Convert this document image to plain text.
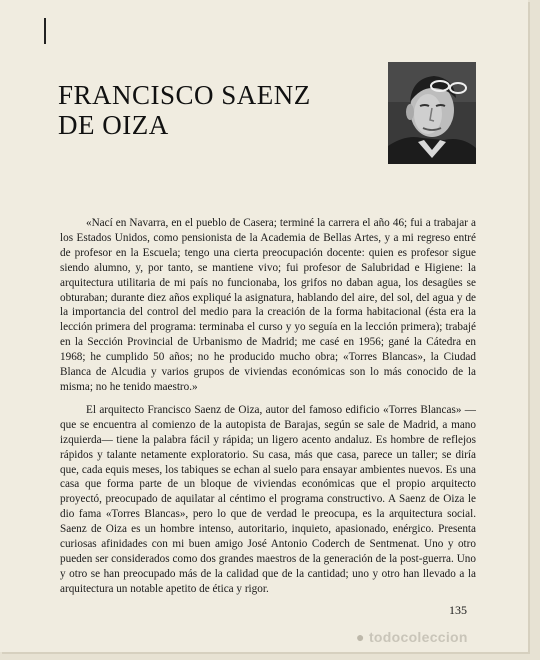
FRANCISCO SAENZ
DE OIZA

«Nací en Navarra, en el pueblo de Casera; terminé la carrera el año 46; fui a trabajar a los Estados Unidos, como pensionista de la Academia de Bellas Artes, y a mi regreso entré de profesor en la Escuela; tengo una cierta preocupación docente: quien es profesor sigue siendo alumno, y, por tanto, se mantiene vivo; fui profesor de Salubridad e Higiene: la arquitectura utilitaria de mi país no funcionaba, los grifos no daban agua, los desagües se obturaban; durante diez años expliqué la asignatura, hablando del aire, del sol, del agua y de la importancia del control del medio para la creación de la forma habitacional (ésta era la lección primera del programa: terminaba el curso y yo seguía en la lección primera); trabajé en la Sección Provincial de Urbanismo de Madrid; me casé en 1956; gané la Cátedra en 1968; he cumplido 50 años; no he producido mucho obra; «Torres Blancas», la Ciudad Blanca de Alcudia y varios grupos de viviendas económicas son lo más conocido de la misma; no he tenido maestro.»

El arquitecto Francisco Saenz de Oiza, autor del famoso edificio «Torres Blancas» —que se encuentra al comienzo de la autopista de Barajas, según se sale de Madrid, a mano izquierda— tiene la palabra fácil y rápida; un ligero acento andaluz. Es hombre de reflejos rápidos y talante netamente exploratorio. Su casa, más que casa, parece un taller; se diría que, cada equis meses, los tabiques se echan al suelo para ensayar ambientes nuevos. Es una casa que forma parte de un bloque de viviendas económicas que el propio arquitecto proyectó, preocupado de aquilatar al céntimo el programa constructivo. A Saenz de Oiza le dio fama «Torres Blancas», pero lo que de verdad le preocupa, es la arquitectura social. Saenz de Oiza es un hombre intenso, autoritario, inquieto, apasionado, enérgico. Presenta curiosas afinidades con mi buen amigo José Antonio Coderch de Sentmenat. Uno y otro pueden ser considerados como dos grandes maestros de la generación de la post-guerra. Uno y otro se han preocupado más de la calidad que de la cantidad; uno y otro han llevado a la arquitectura un notable apetito de ética y rigor.

135
● todocoleccion
